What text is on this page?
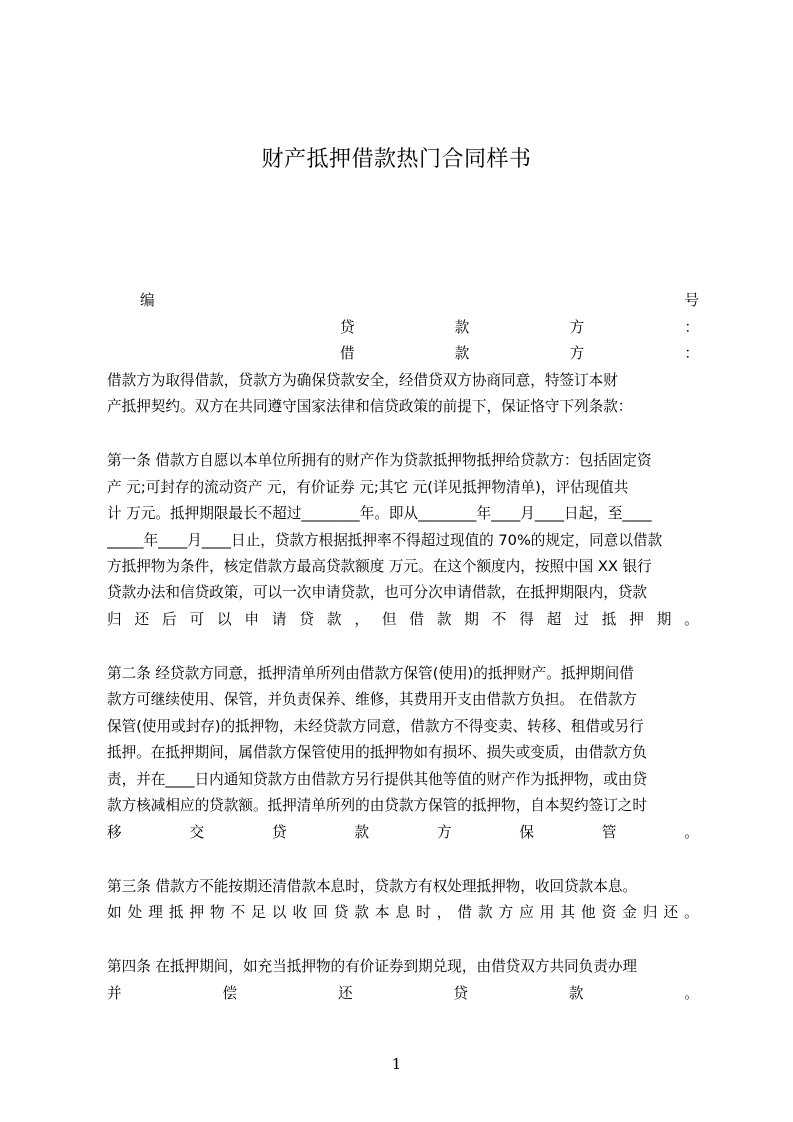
财产抵押借款热门合同样书
编	号
贷	款	方	：
借	款	方	：
借款方为取得借款，贷款方为确保贷款安全，经借贷双方协商同意，特签订本财
产抵押契约。双方在共同遵守国家法律和信贷政策的前提下，保证恪守下列条款：
第一条 借款方自愿以本单位所拥有的财产作为贷款抵押物抵押给贷款方：包括固定资
产 元;可封存的流动资产 元，有价证券 元;其它 元(详见抵押物清单)，评估现值共
计 万元。抵押期限最长不超过________年。即从________年____月____日起，至____
_____年____月____日止，贷款方根据抵押率不得超过现值的 70%的规定，同意以借款
方抵押物为条件，核定借款方最高贷款额度 万元。在这个额度内，按照中国 XX 银行
贷款办法和信贷政策，可以一次申请贷款，也可分次申请借款，在抵押期限内，贷款
归 还 后 可 以 申 请 贷 款 ， 但 借 款 期 不 得 超 过 抵 押 期 。
第二条 经贷款方同意，抵押清单所列由借款方保管(使用)的抵押财产。抵押期间借
款方可继续使用、保管，并负责保养、维修，其费用开支由借款方负担。 在借款方
保管(使用或封存)的抵押物，未经贷款方同意，借款方不得变卖、转移、租借或另行
抵押。在抵押期间，属借款方保管使用的抵押物如有损坏、损失或变质，由借款方负
责，并在____日内通知贷款方由借款方另行提供其他等值的财产作为抵押物，或由贷
款方核减相应的贷款额。抵押清单所列的由贷款方保管的抵押物，自本契约签订之时
移	交	贷	款	方	保	管	。
第三条 借款方不能按期还清借款本息时，贷款方有权处理抵押物，收回贷款本息。
如 处 理 抵 押 物 不 足 以 收 回 贷 款 本 息 时 ， 借 款 方 应 用 其 他 资 金 归 还 。
第四条 在抵押期间，如充当抵押物的有价证券到期兑现，由借贷双方共同负责办理
并	偿	还	贷	款	。
1
